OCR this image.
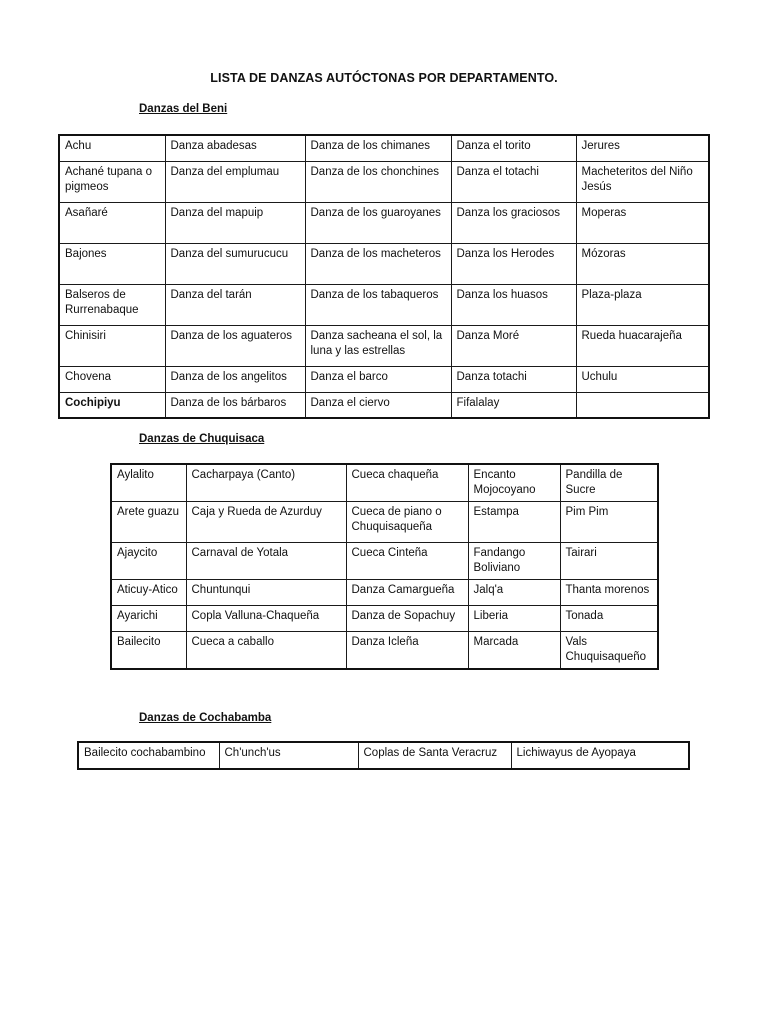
LISTA DE DANZAS AUTÓCTONAS POR DEPARTAMENTO.
Danzas del Beni
Achu	Danza abadesas	Danza de los chimanes	Danza el torito	Jerures
Achané tupana o pigmeos	Danza del emplumau	Danza de los chonchines	Danza el totachi	Macheteritos del Niño Jesús
Asañaré	Danza del mapuip	Danza de los guaroyanes	Danza los graciosos	Moperas
Bajones	Danza del sumurucucu	Danza de los macheteros	Danza los Herodes	Mózoras
Balseros de Rurrenabaque	Danza del tarán	Danza de los tabaqueros	Danza los huasos	Plaza-plaza
Chinisiri	Danza de los aguateros	Danza sacheana el sol, la luna y las estrellas	Danza Moré	Rueda huacarajeña
Chovena	Danza de los angelitos	Danza el barco	Danza totachi	Uchulu
Cochipiyu	Danza de los bárbaros	Danza el ciervo	Fifalalay	
Danzas de Chuquisaca
Aylalito	Cacharpaya (Canto)	Cueca chaqueña	Encanto Mojocoyano	Pandilla de Sucre
Arete guazu	Caja y Rueda de Azurduy	Cueca de piano o Chuquisaqueña	Estampa	Pim Pim
Ajaycito	Carnaval de Yotala	Cueca Cinteña	Fandango Boliviano	Tairari
Aticuy-Atico	Chuntunqui	Danza Camargueña	Jalq'a	Thanta morenos
Ayarichi	Copla Valluna-Chaqueña	Danza de Sopachuy	Liberia	Tonada
Bailecito	Cueca a caballo	Danza Icleña	Marcada	Vals Chuquisaqueño
Danzas de Cochabamba
Bailecito cochabambino	Ch'unch'us	Coplas de Santa Veracruz	Lichiwayus de Ayopaya
